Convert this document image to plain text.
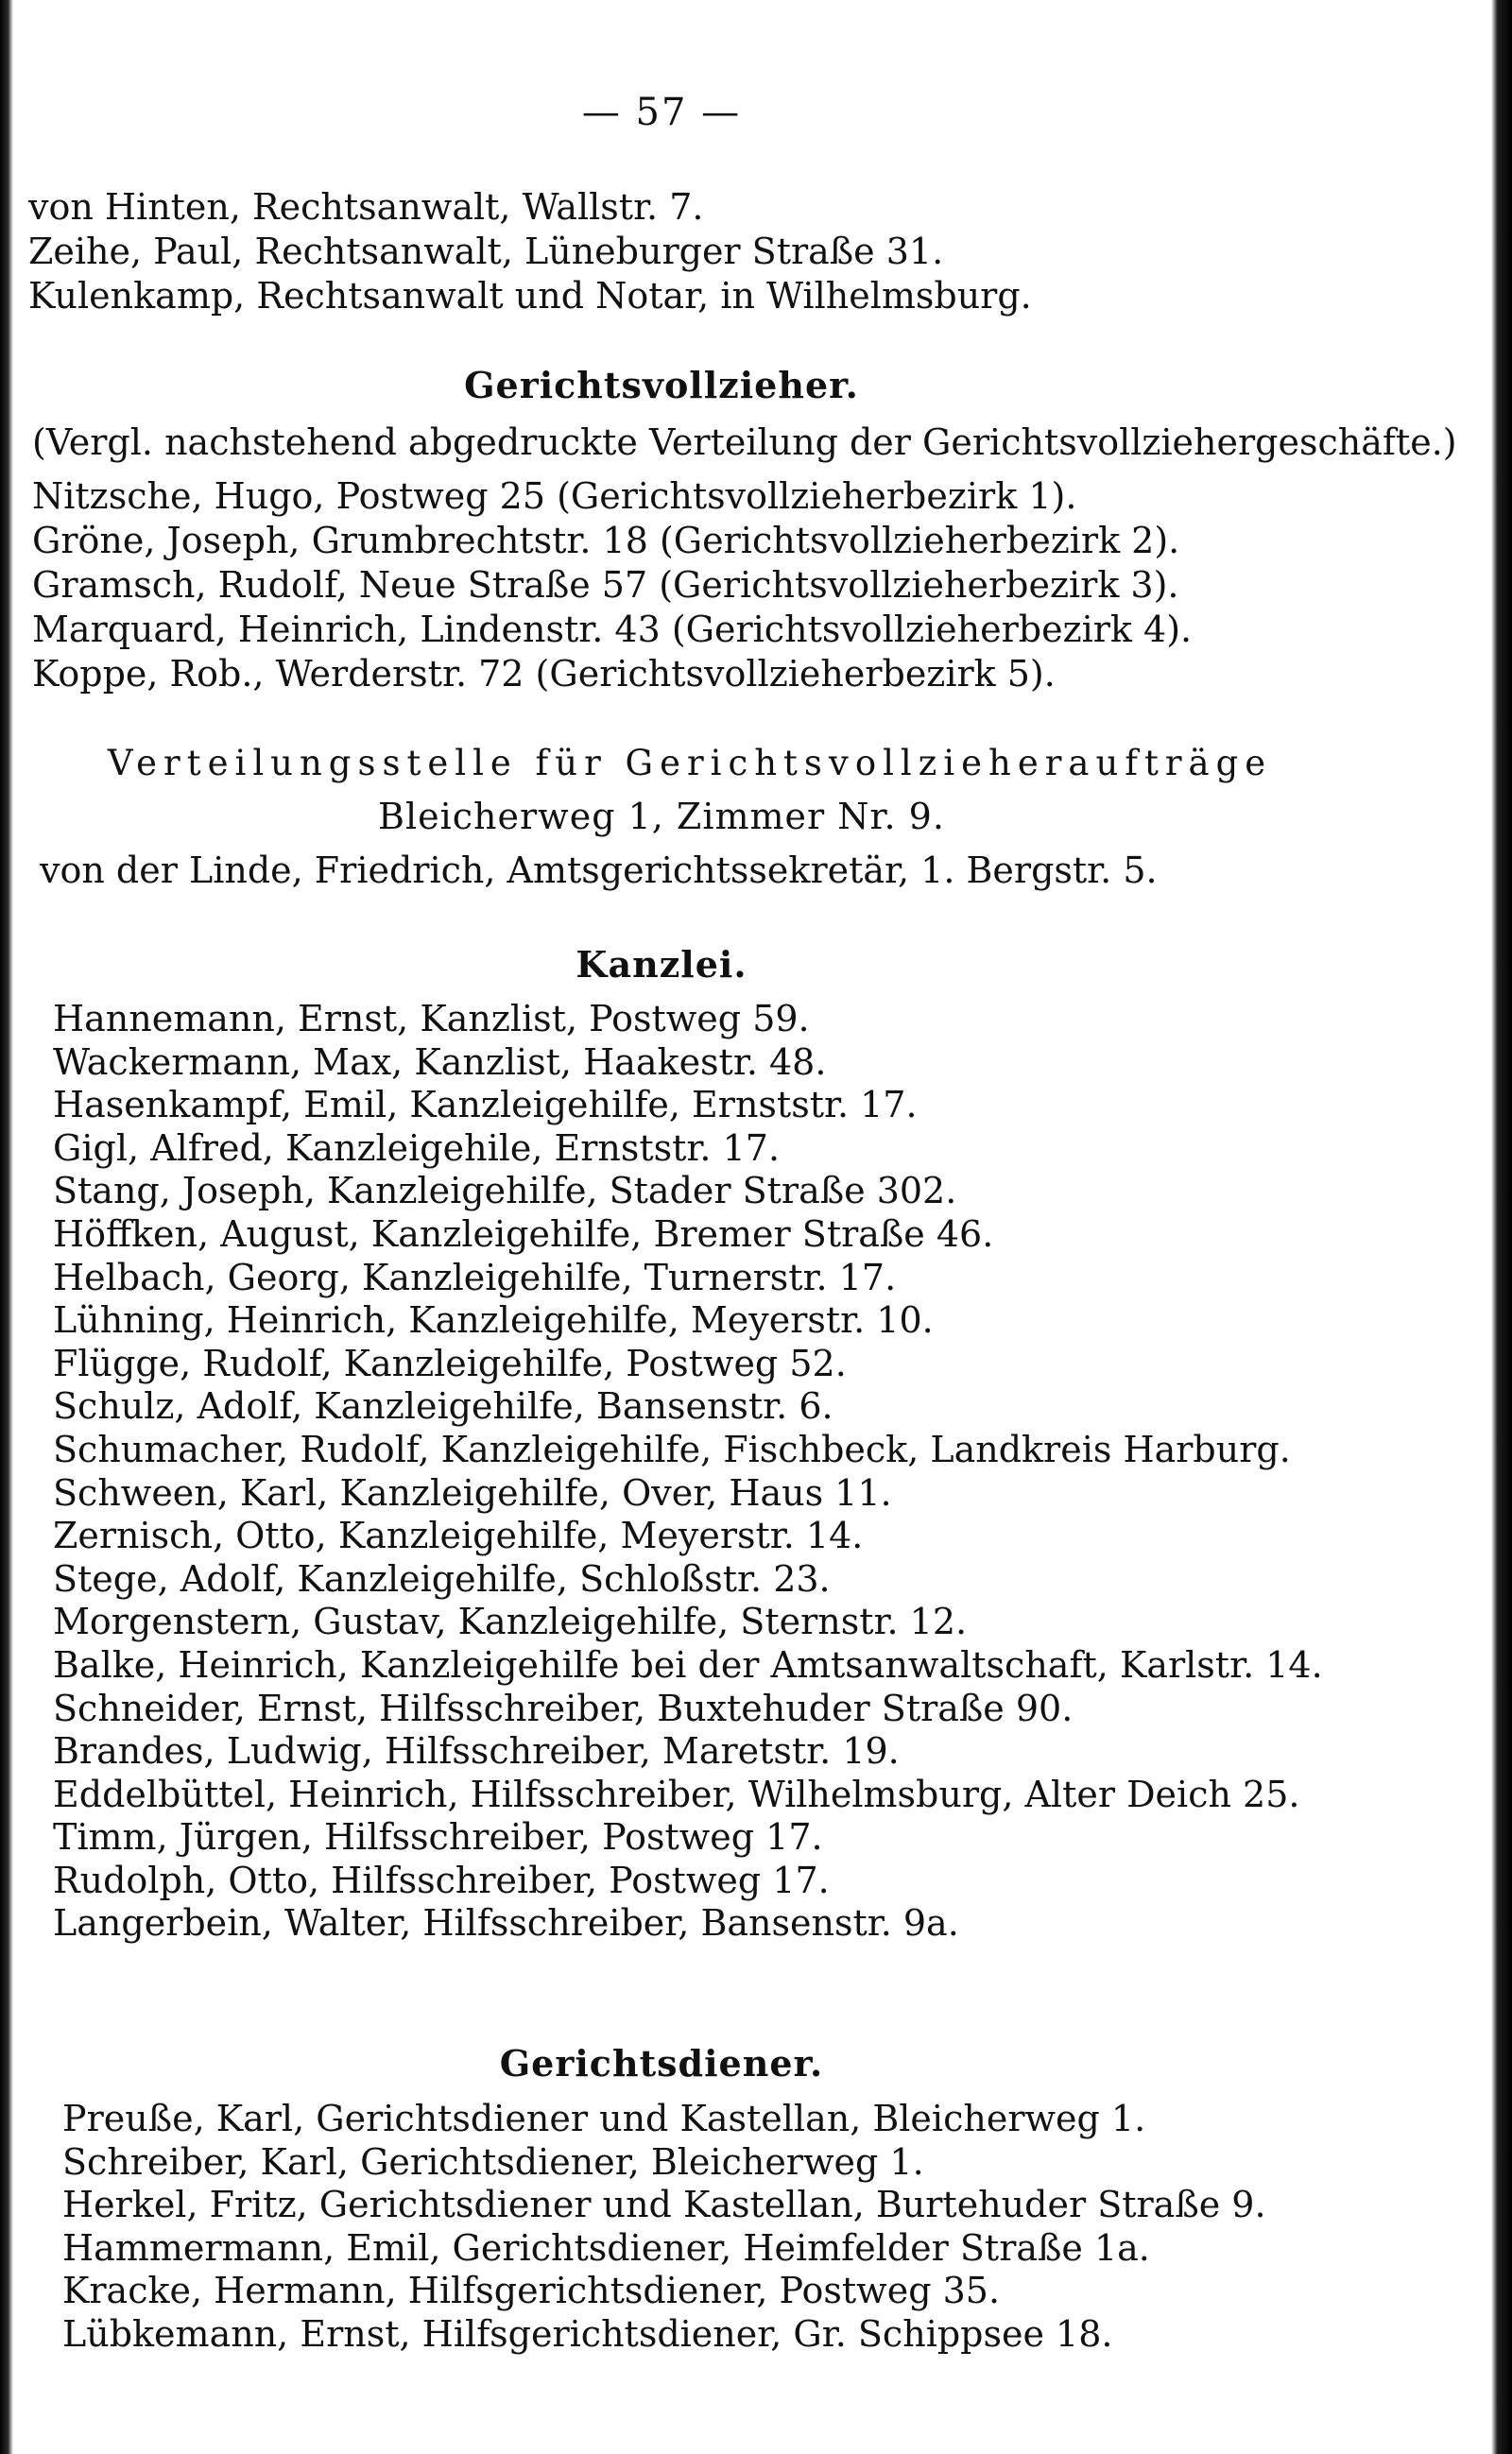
— 57 —
von Hinten, Rechtsanwalt, Wallstr. 7.
Zeihe, Paul, Rechtsanwalt, Lüneburger Straße 31.
Kulenkamp, Rechtsanwalt und Notar, in Wilhelmsburg.
Gerichtsvollzieher.
(Vergl. nachstehend abgedruckte Verteilung der Gerichtsvollziehergeschäfte.)
Nitzsche, Hugo, Postweg 25 (Gerichtsvollzieherbezirk 1).
Gröne, Joseph, Grumbrechtstr. 18 (Gerichtsvollzieherbezirk 2).
Gramsch, Rudolf, Neue Straße 57 (Gerichtsvollzieherbezirk 3).
Marquard, Heinrich, Lindenstr. 43 (Gerichtsvollzieherbezirk 4).
Koppe, Rob., Werderstr. 72 (Gerichtsvollzieherbezirk 5).
Verteilungsstelle für Gerichtsvollzieheraufträge
Bleicherweg 1, Zimmer Nr. 9.
von der Linde, Friedrich, Amtsgerichtssekretär, 1. Bergstr. 5.
Kanzlei.
Hannemann, Ernst, Kanzlist, Postweg 59.
Wackermann, Max, Kanzlist, Haakestr. 48.
Hasenkampf, Emil, Kanzleigehilfe, Ernststr. 17.
Gigl, Alfred, Kanzleigehile, Ernststr. 17.
Stang, Joseph, Kanzleigehilfe, Stader Straße 302.
Höffken, August, Kanzleigehilfe, Bremer Straße 46.
Helbach, Georg, Kanzleigehilfe, Turnerstr. 17.
Lühning, Heinrich, Kanzleigehilfe, Meyerstr. 10.
Flügge, Rudolf, Kanzleigehilfe, Postweg 52.
Schulz, Adolf, Kanzleigehilfe, Bansenstr. 6.
Schumacher, Rudolf, Kanzleigehilfe, Fischbeck, Landkreis Harburg.
Schween, Karl, Kanzleigehilfe, Over, Haus 11.
Zernisch, Otto, Kanzleigehilfe, Meyerstr. 14.
Stege, Adolf, Kanzleigehilfe, Schloßstr. 23.
Morgenstern, Gustav, Kanzleigehilfe, Sternstr. 12.
Balke, Heinrich, Kanzleigehilfe bei der Amtsanwaltschaft, Karlstr. 14.
Schneider, Ernst, Hilfsschreiber, Buxtehuder Straße 90.
Brandes, Ludwig, Hilfsschreiber, Maretstr. 19.
Eddelbüttel, Heinrich, Hilfsschreiber, Wilhelmsburg, Alter Deich 25.
Timm, Jürgen, Hilfsschreiber, Postweg 17.
Rudolph, Otto, Hilfsschreiber, Postweg 17.
Langerbein, Walter, Hilfsschreiber, Bansenstr. 9a.
Gerichtsdiener.
Preuße, Karl, Gerichtsdiener und Kastellan, Bleicherweg 1.
Schreiber, Karl, Gerichtsdiener, Bleicherweg 1.
Herkel, Fritz, Gerichtsdiener und Kastellan, Burtehuder Straße 9.
Hammermann, Emil, Gerichtsdiener, Heimfelder Straße 1a.
Kracke, Hermann, Hilfsgerichtsdiener, Postweg 35.
Lübkemann, Ernst, Hilfsgerichtsdiener, Gr. Schippsee 18.
